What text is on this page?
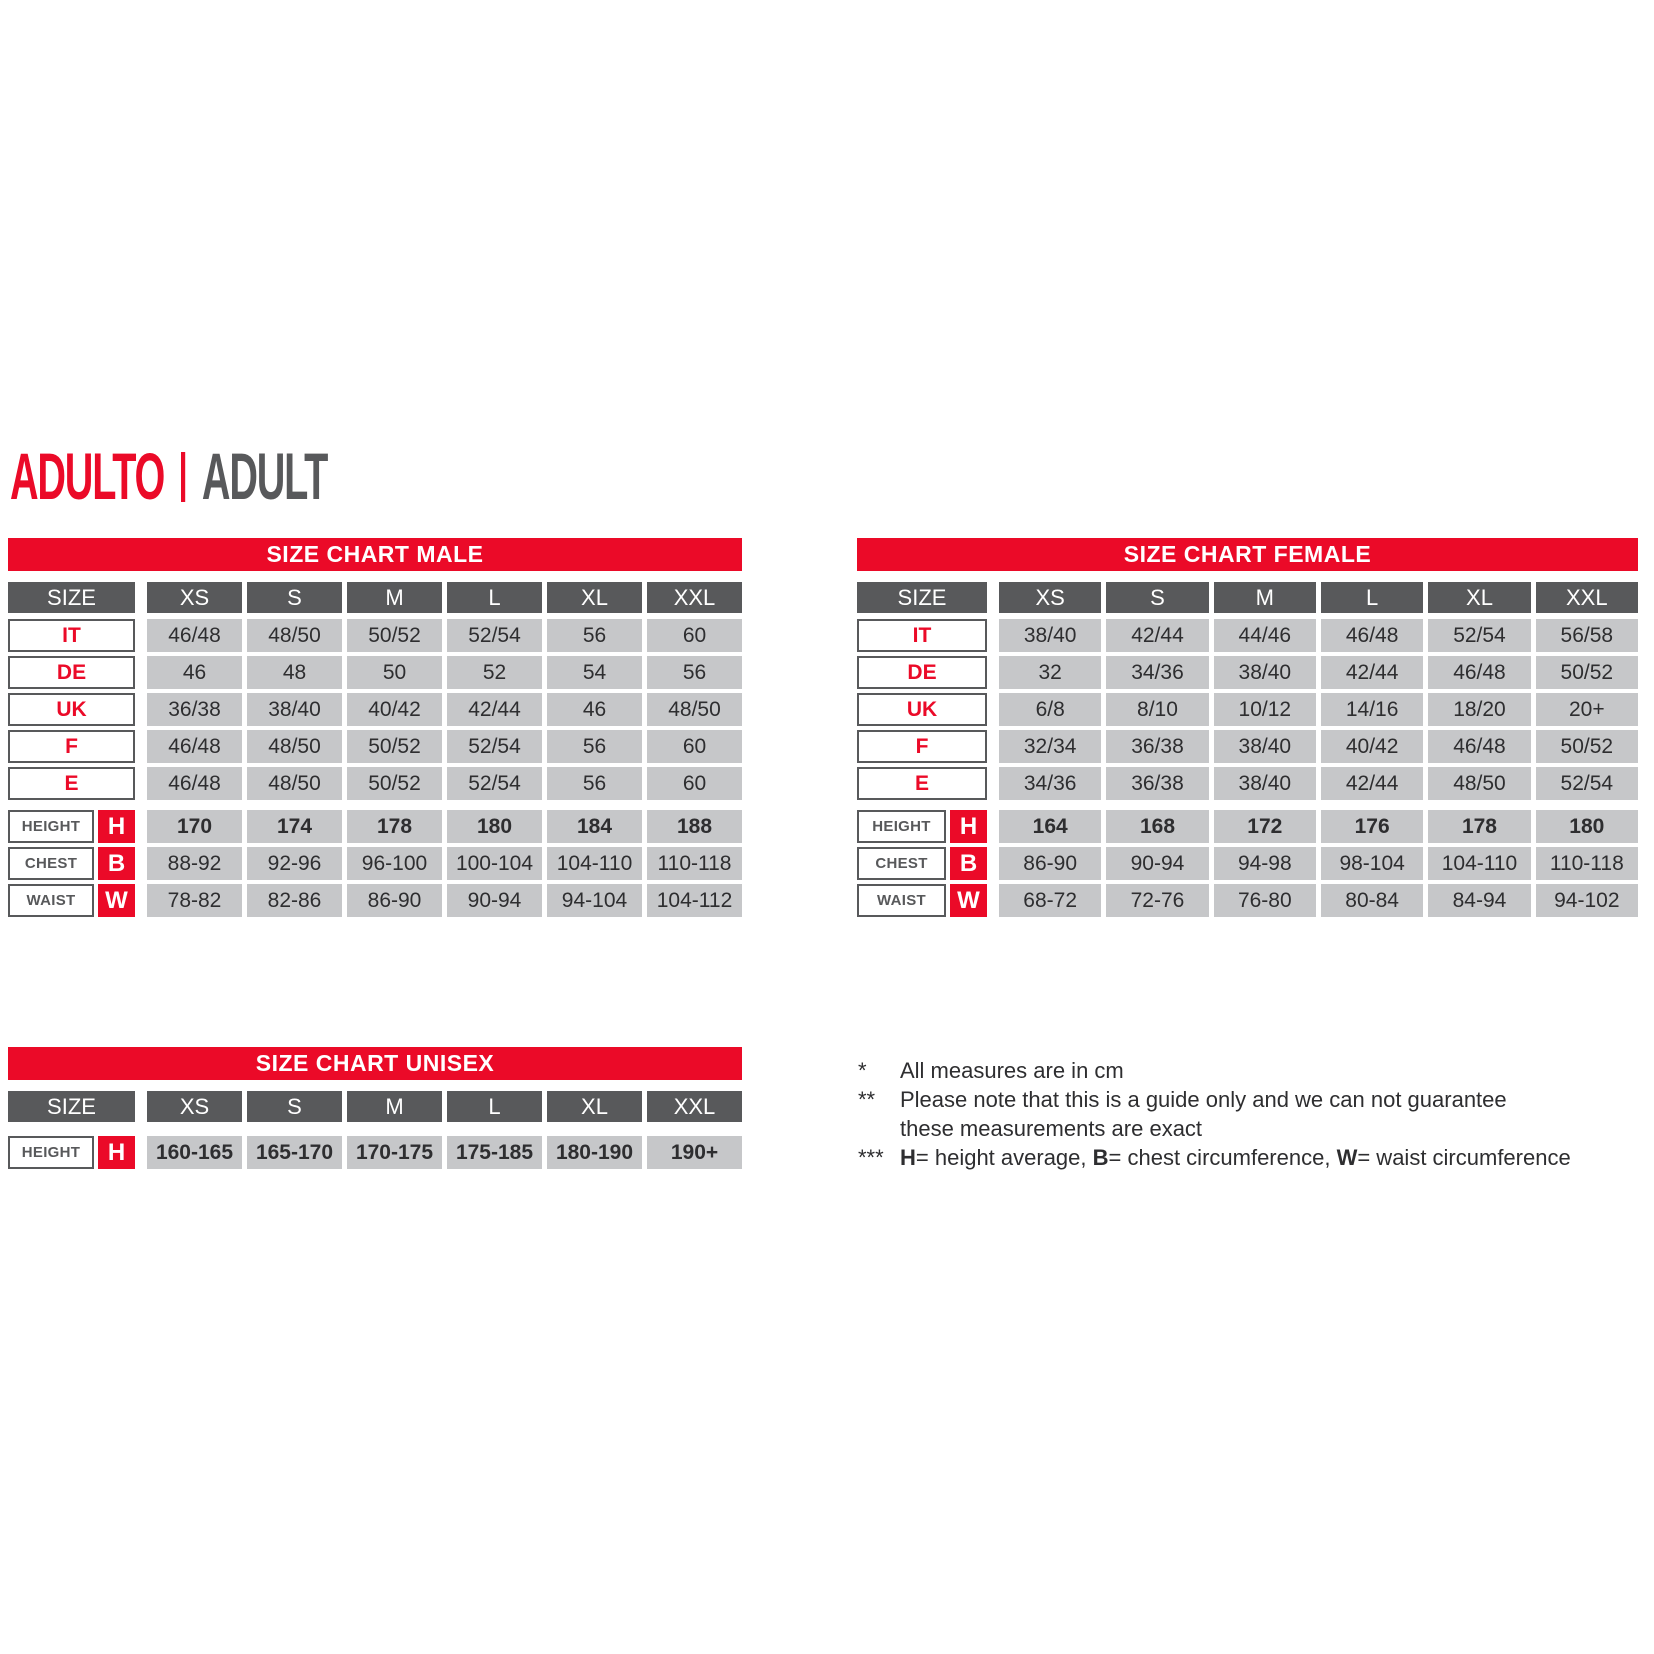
ADULTO ADULT
SIZE CHART MALE
SIZE	XS	S	M	L	XL	XXL
IT	46/48	48/50	50/52	52/54	56	60
DE	46	48	50	52	54	56
UK	36/38	38/40	40/42	42/44	46	48/50
F	46/48	48/50	50/52	52/54	56	60
E	46/48	48/50	50/52	52/54	56	60
HEIGHT	H	170	174	178	180	184	188
CHEST	B	88-92	92-96	96-100	100-104	104-110	110-118
WAIST	W	78-82	82-86	86-90	90-94	94-104	104-112
SIZE CHART FEMALE
SIZE	XS	S	M	L	XL	XXL
IT	38/40	42/44	44/46	46/48	52/54	56/58
DE	32	34/36	38/40	42/44	46/48	50/52
UK	6/8	8/10	10/12	14/16	18/20	20+
F	32/34	36/38	38/40	40/42	46/48	50/52
E	34/36	36/38	38/40	42/44	48/50	52/54
HEIGHT	H	164	168	172	176	178	180
CHEST	B	86-90	90-94	94-98	98-104	104-110	110-118
WAIST	W	68-72	72-76	76-80	80-84	84-94	94-102
SIZE CHART UNISEX
SIZE	XS	S	M	L	XL	XXL
HEIGHT	H	160-165	165-170	170-175	175-185	180-190	190+
*	All measures are in cm
**	Please note that this is a guide only and we can not guarantee
these measurements are exact
*** H= height average, B= chest circumference, W= waist circumference
